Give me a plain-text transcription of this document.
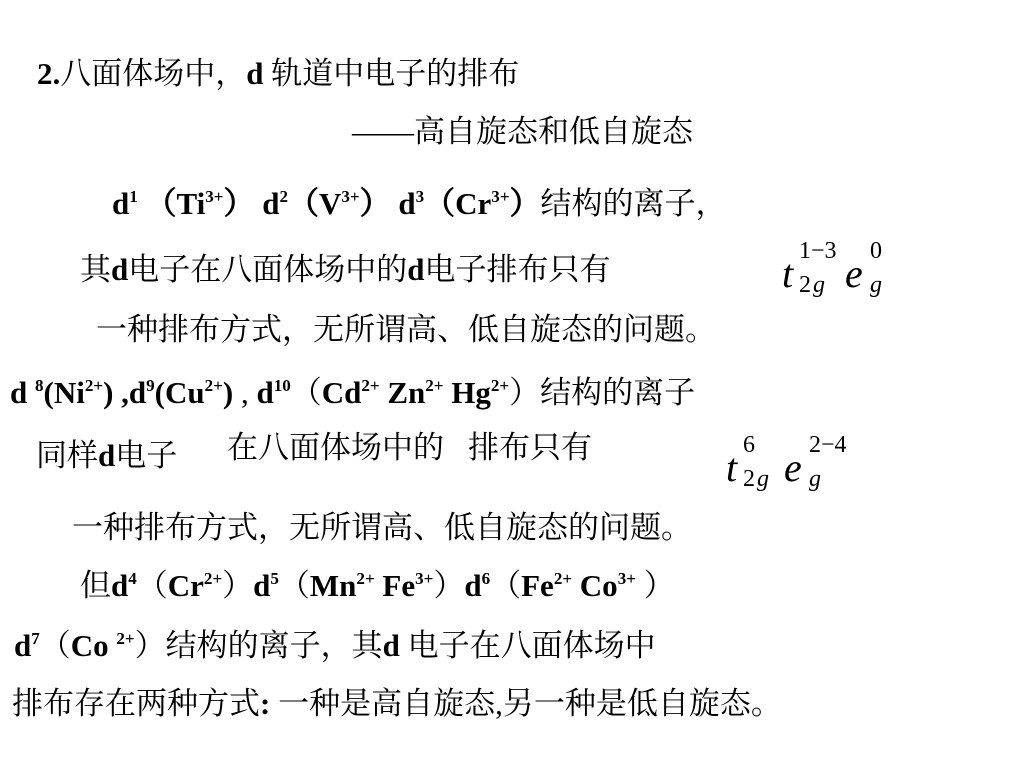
2.八面体场中，d 轨道中电子的排布
——高自旋态和低自旋态
$d^1$ $(Ti^{3+})$ $d^2(V^{3+})$ $d^3(Cr^{3+})$结构的离子，
其d电子在八面体场中的d电子排布只有	t 1−3
2 g e 0
g
一种排布方式，无所谓高、低自旋态的问题。
d $^8(Ni^{2+})$ $,d^9(Cu^{2+})$ , $d^{10}(Cd^{2+}$ $Zn^{2+}$ $Hg^{2+}$）结构的离子
同样d电子 在八面体场中的 排布只有	t 6
2 g e 2−4
g
一种排布方式，无所谓高、低自旋态的问题。
但$d^4(Cr^{2+})d^5(Mn^{2+}$ $Fe^{3+})d^6(Fe^{2+}$ $Co^{3+}$ ）
$d^7(Co$ $^{2+}$）结构的离子，其d 电子在八面体场中
排布存在两种方式: 一种是高自旋态,另一种是低自旋态。
